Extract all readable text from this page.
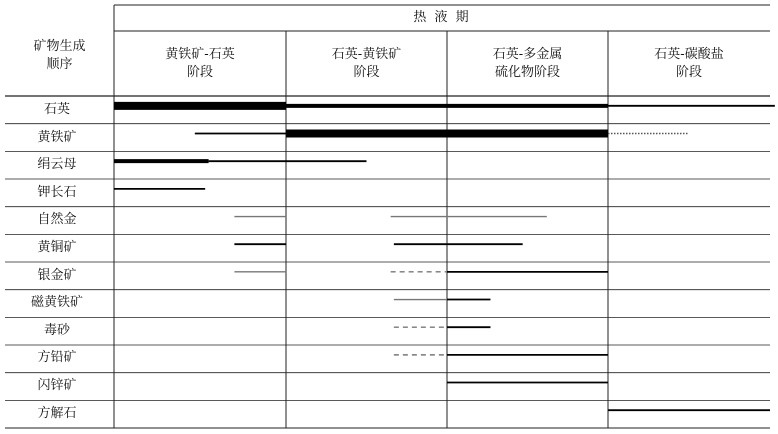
矿物生成
顺序
热 液 期
黄铁矿-石英
阶段
石英-黄铁矿
阶段
石英-多金属
硫化物阶段
石英-碳酸盐
阶段
石英
黄铁矿
绢云母
钾长石
自然金
黄铜矿
银金矿
磁黄铁矿
毒砂
方铅矿
闪锌矿
方解石
